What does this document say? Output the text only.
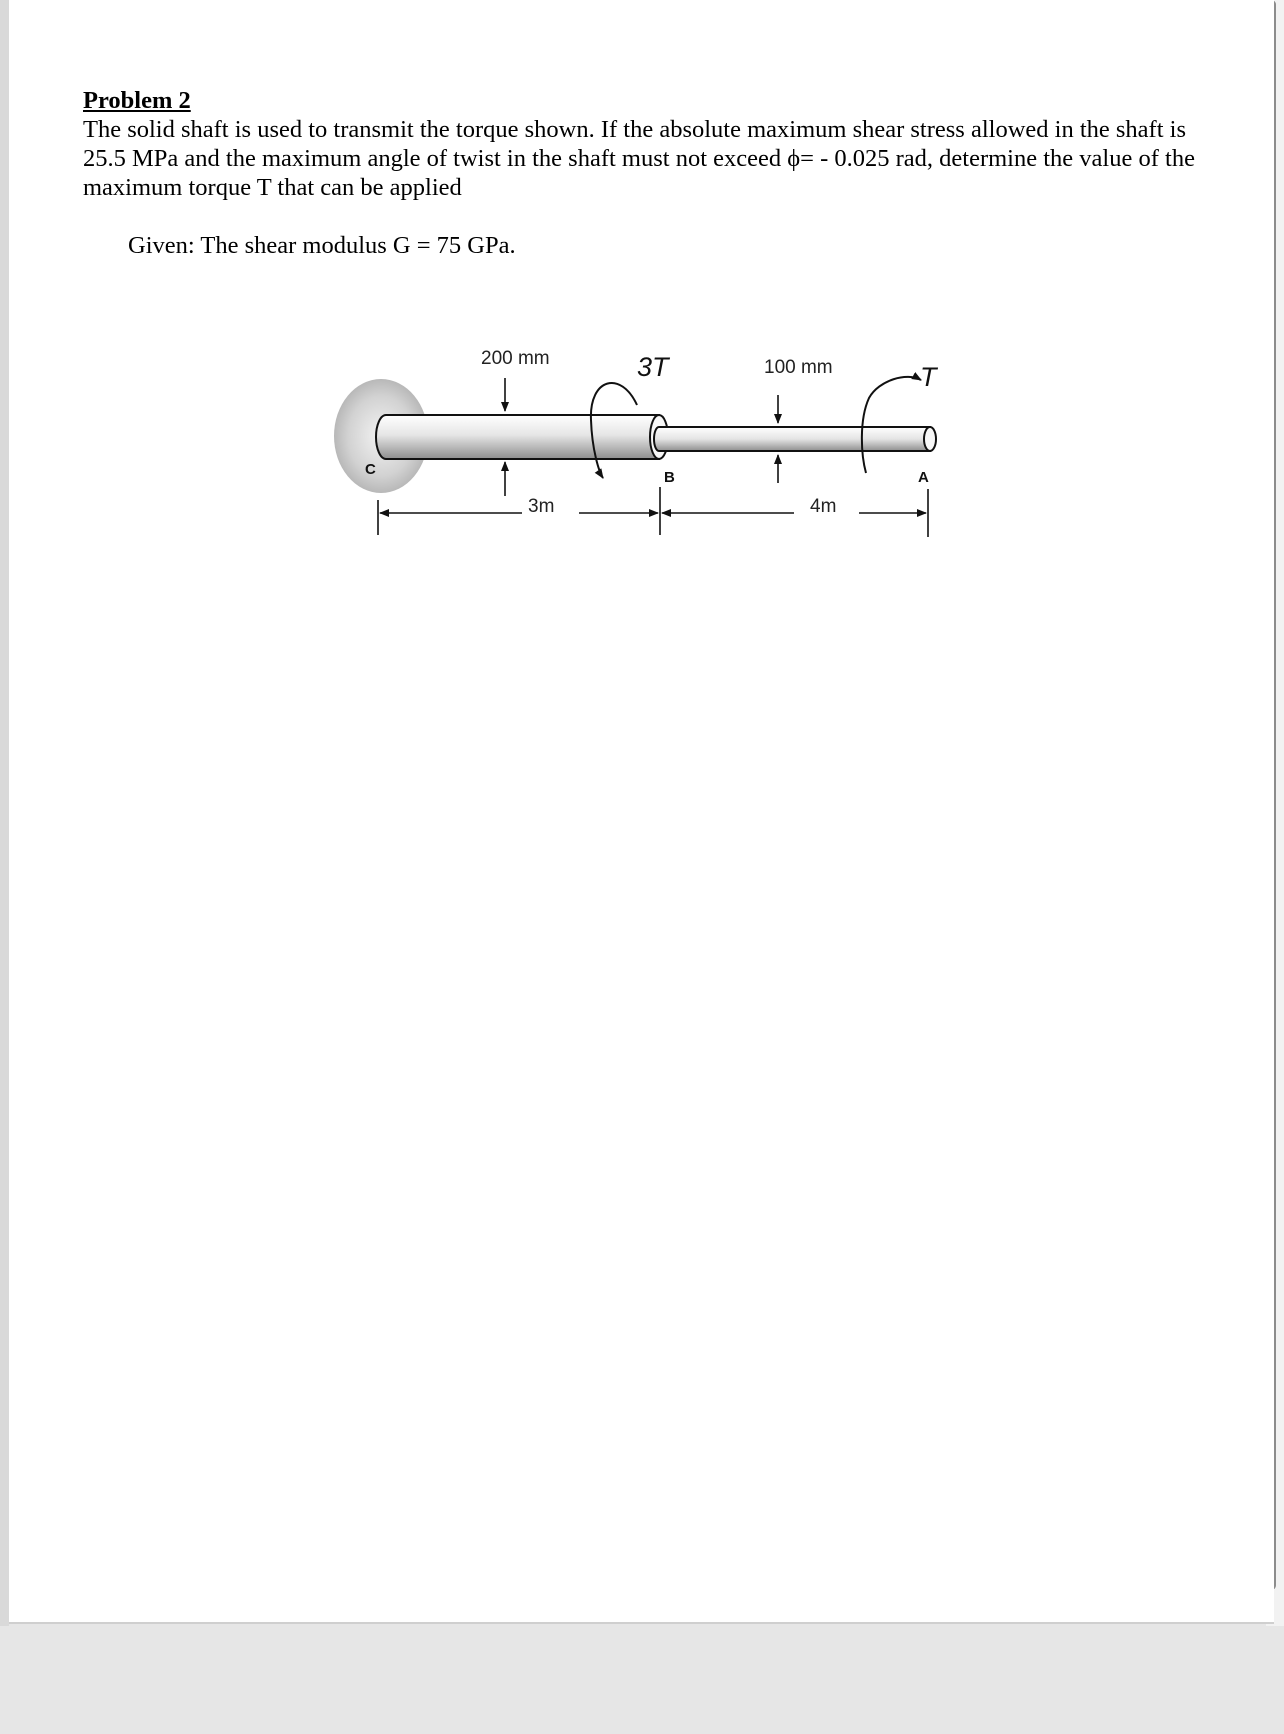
Problem 2
The solid shaft is used to transmit the torque shown. If the absolute maximum shear stress allowed in the shaft is 25.5 MPa and the maximum angle of twist in the shaft must not exceed ϕ= - 0.025 rad, determine the value of the maximum torque T that can be applied
Given: The shear modulus G = 75 GPa.
200 mm	100 mm
3T	T
C	B	A
3m	4m
